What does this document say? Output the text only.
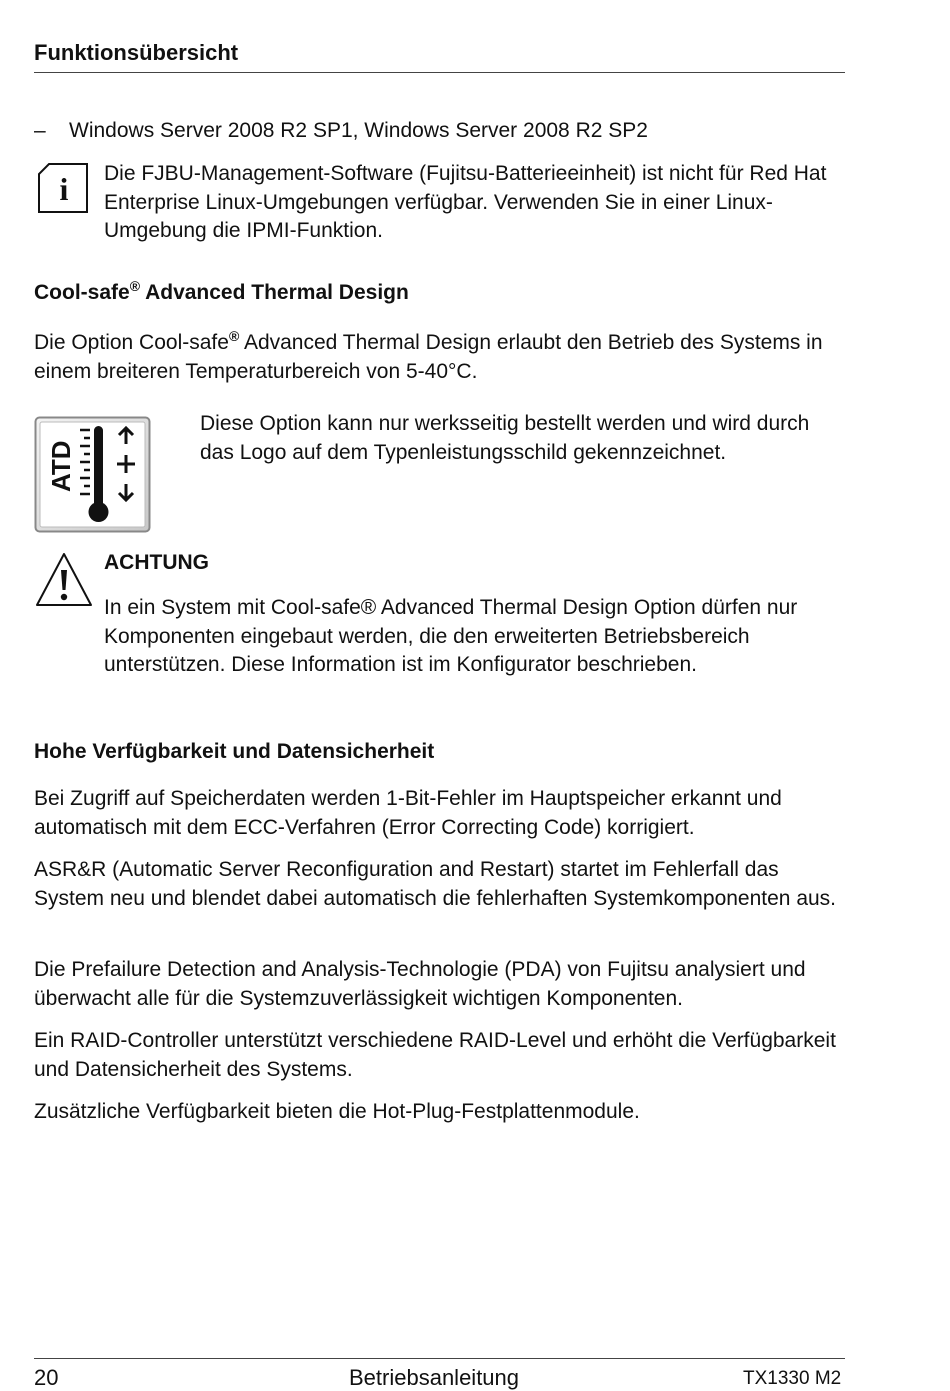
Funktionsübersicht
– Windows Server 2008 R2 SP1, Windows Server 2008 R2 SP2
i Die FJBU-Management-Software (Fujitsu-Batterieeinheit) ist nicht für Red Hat Enterprise Linux-Umgebungen verfügbar. Verwenden Sie in einer Linux-Umgebung die IPMI-Funktion.
Cool-safe® Advanced Thermal Design
Die Option Cool-safe® Advanced Thermal Design erlaubt den Betrieb des Systems in einem breiteren Temperaturbereich von 5-40°C.
ATD
Diese Option kann nur werksseitig bestellt werden und wird durch das Logo auf dem Typenleistungsschild gekennzeichnet.
ACHTUNG
In ein System mit Cool-safe® Advanced Thermal Design Option dürfen nur Komponenten eingebaut werden, die den erweiterten Betriebsbereich unterstützen. Diese Information ist im Konfigurator beschrieben.
Hohe Verfügbarkeit und Datensicherheit
Bei Zugriff auf Speicherdaten werden 1-Bit-Fehler im Hauptspeicher erkannt und automatisch mit dem ECC-Verfahren (Error Correcting Code) korrigiert.
ASR&R (Automatic Server Reconfiguration and Restart) startet im Fehlerfall das System neu und blendet dabei automatisch die fehlerhaften Systemkomponenten aus.
Die Prefailure Detection and Analysis-Technologie (PDA) von Fujitsu analysiert und überwacht alle für die Systemzuverlässigkeit wichtigen Komponenten.
Ein RAID-Controller unterstützt verschiedene RAID-Level und erhöht die Verfügbarkeit und Datensicherheit des Systems.
Zusätzliche Verfügbarkeit bieten die Hot-Plug-Festplattenmodule.
20	Betriebsanleitung	TX1330 M2
